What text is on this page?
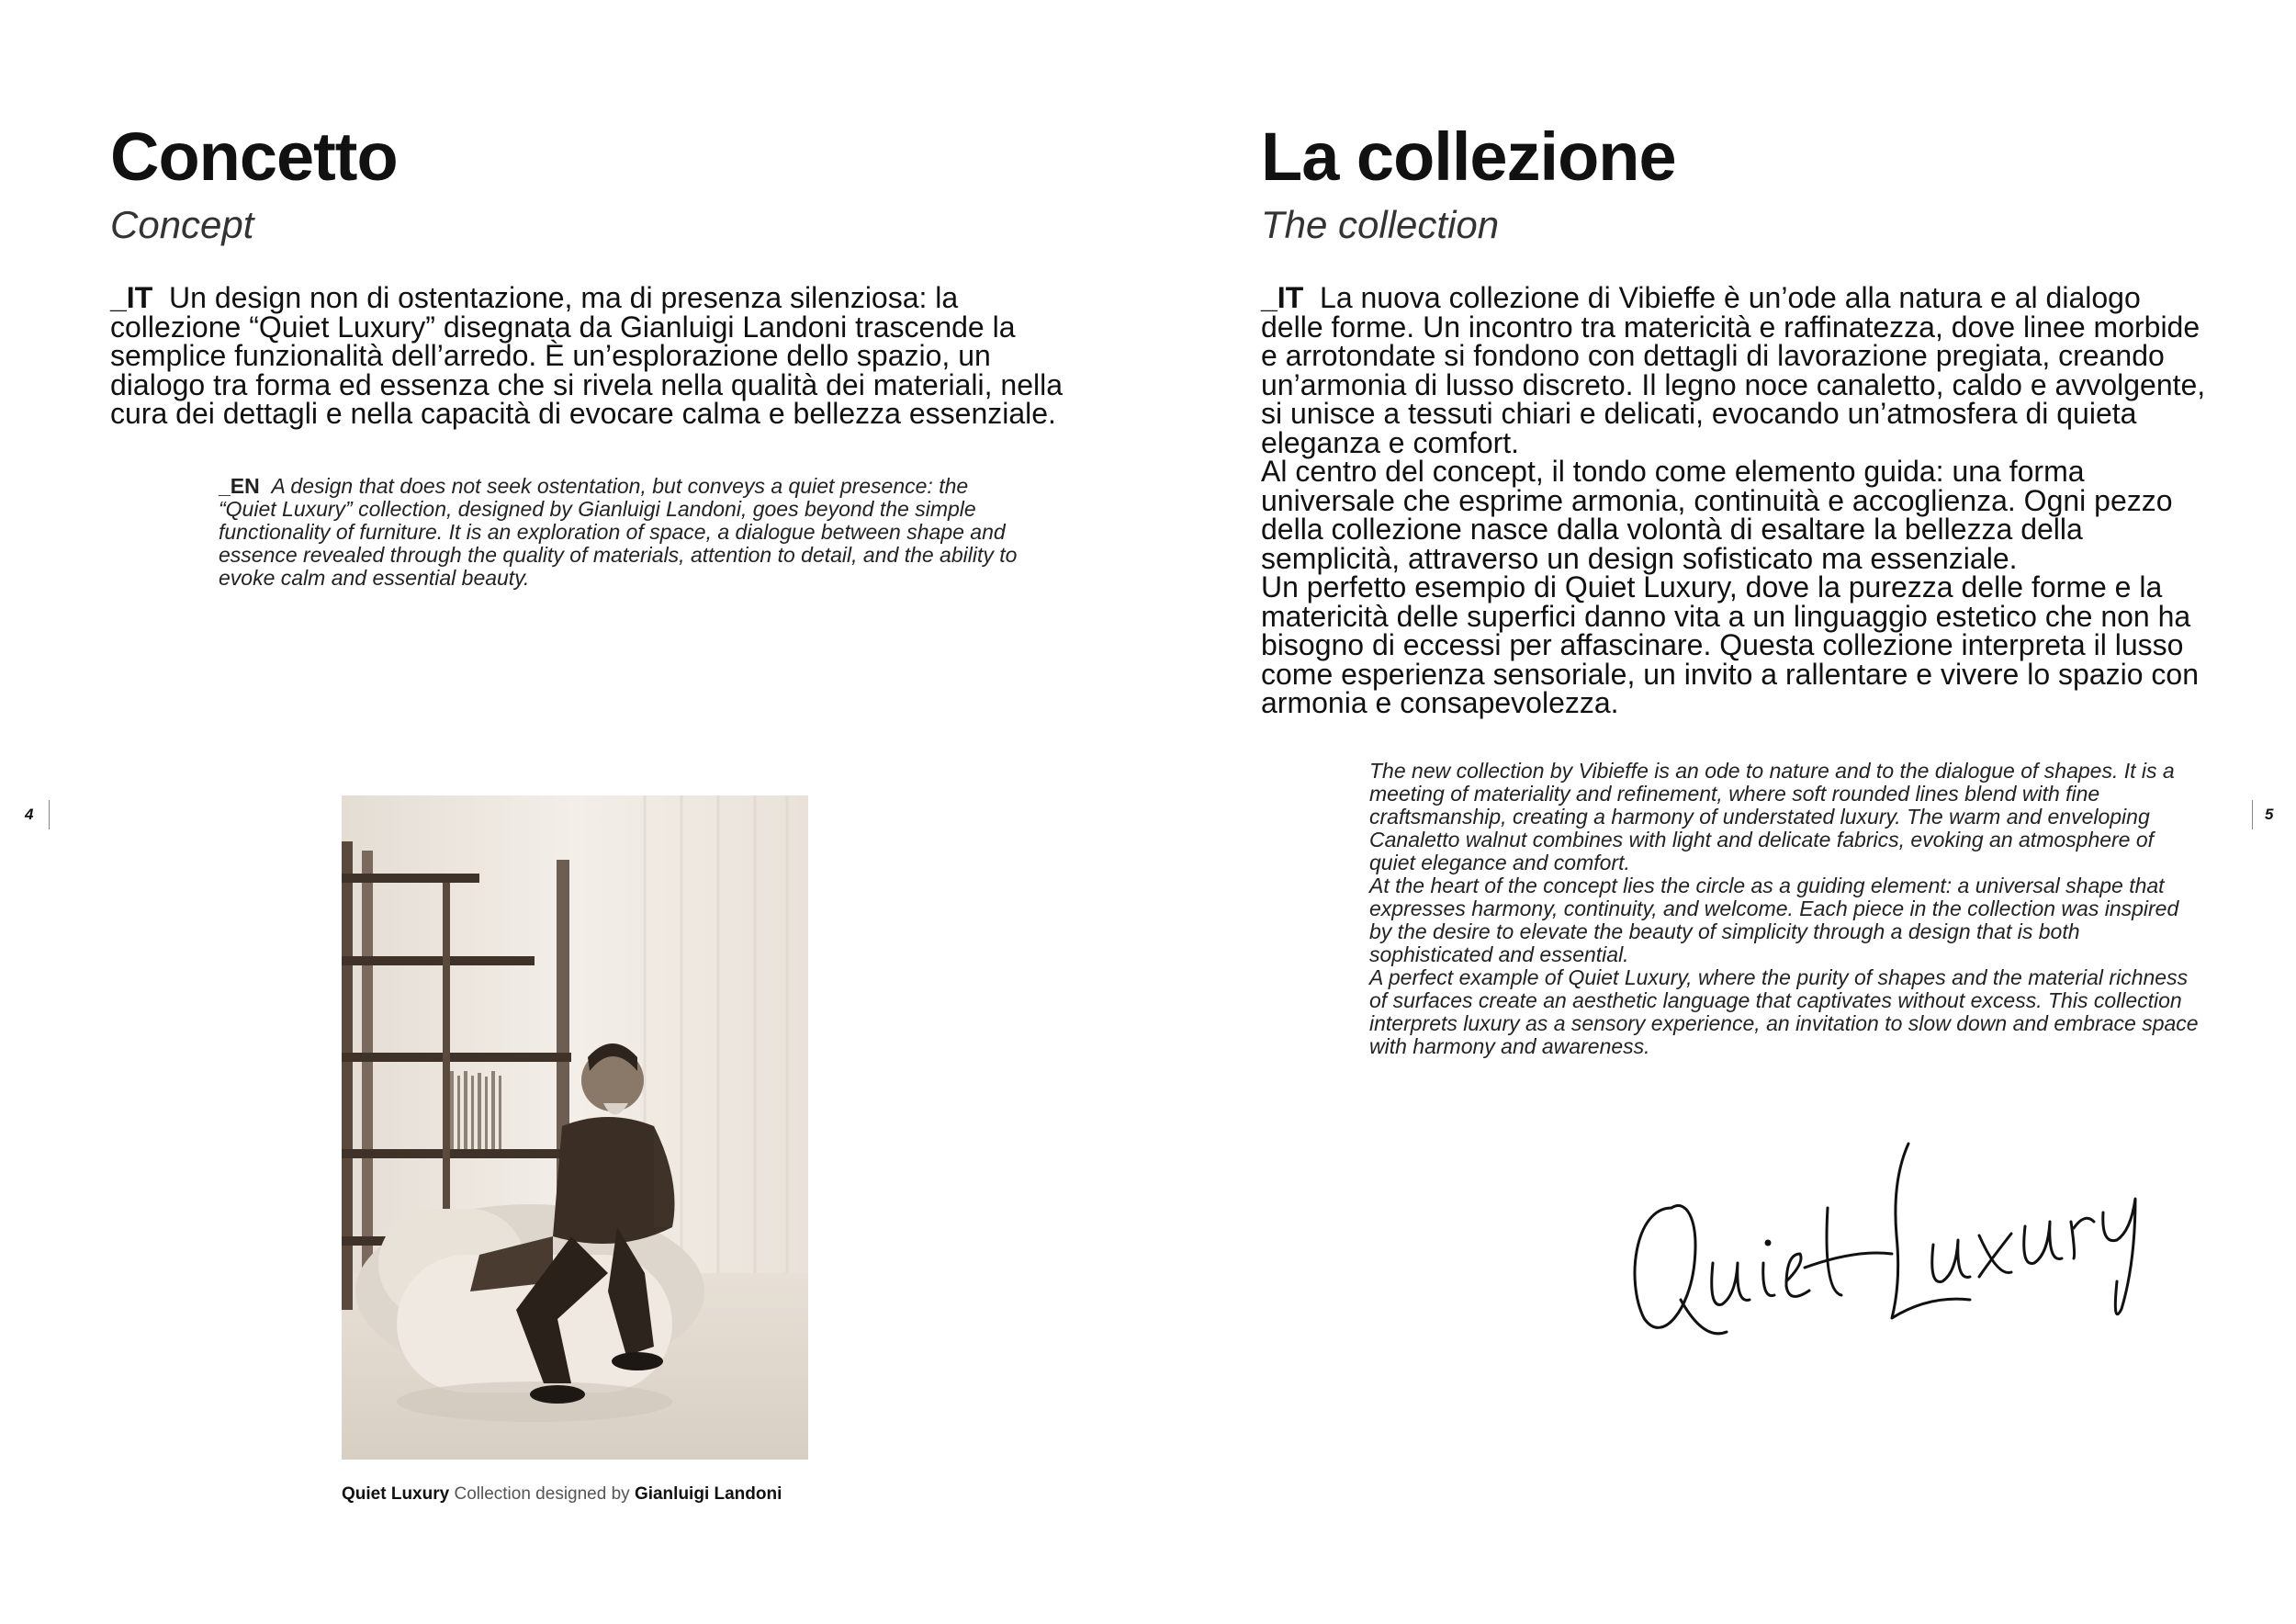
Concetto
Concept
_IT Un design non di ostentazione, ma di presenza silenziosa: la collezione “Quiet Luxury” disegnata da Gianluigi Landoni trascende la semplice funzionalità dell’arredo. È un’esplorazione dello spazio, un dialogo tra forma ed essenza che si rivela nella qualità dei materiali, nella cura dei dettagli e nella capacità di evocare calma e bellezza essenziale.
_EN A design that does not seek ostentation, but conveys a quiet presence: the “Quiet Luxury” collection, designed by Gianluigi Landoni, goes beyond the simple functionality of furniture. It is an exploration of space, a dialogue between shape and essence revealed through the quality of materials, attention to detail, and the ability to evoke calm and essential beauty.
4
Quiet Luxury Collection designed by Gianluigi Landoni
La collezione
The collection

_IT La nuova collezione di Vibieffe è un’ode alla natura e al dialogo delle forme. Un incontro tra matericità e raffinatezza, dove linee morbide e arrotondate si fondono con dettagli di lavorazione pregiata, creando un’armonia di lusso discreto. Il legno noce canaletto, caldo e avvolgente, si unisce a tessuti chiari e delicati, evocando un’atmosfera di quieta eleganza e comfort.

Al centro del concept, il tondo come elemento guida: una forma universale che esprime armonia, continuità e accoglienza. Ogni pezzo della collezione nasce dalla volontà di esaltare la bellezza della semplicità, attraverso un design sofisticato ma essenziale.

Un perfetto esempio di Quiet Luxury, dove la purezza delle forme e la matericità delle superfici danno vita a un linguaggio estetico che non ha bisogno di eccessi per affascinare. Questa collezione interpreta il lusso come esperienza sensoriale, un invito a rallentare e vivere lo spazio con armonia e consapevolezza.

The new collection by Vibieffe is an ode to nature and to the dialogue of shapes. It is a meeting of materiality and refinement, where soft rounded lines blend with fine craftsmanship, creating a harmony of understated luxury. The warm and enveloping Canaletto walnut combines with light and delicate fabrics, evoking an atmosphere of quiet elegance and comfort.

At the heart of the concept lies the circle as a guiding element: a universal shape that expresses harmony, continuity, and welcome. Each piece in the collection was inspired by the desire to elevate the beauty of simplicity through a design that is both sophisticated and essential.

A perfect example of Quiet Luxury, where the purity of shapes and the material richness of surfaces create an aesthetic language that captivates without excess. This collection interprets luxury as a sensory experience, an invitation to slow down and embrace space with harmony and awareness.

5
